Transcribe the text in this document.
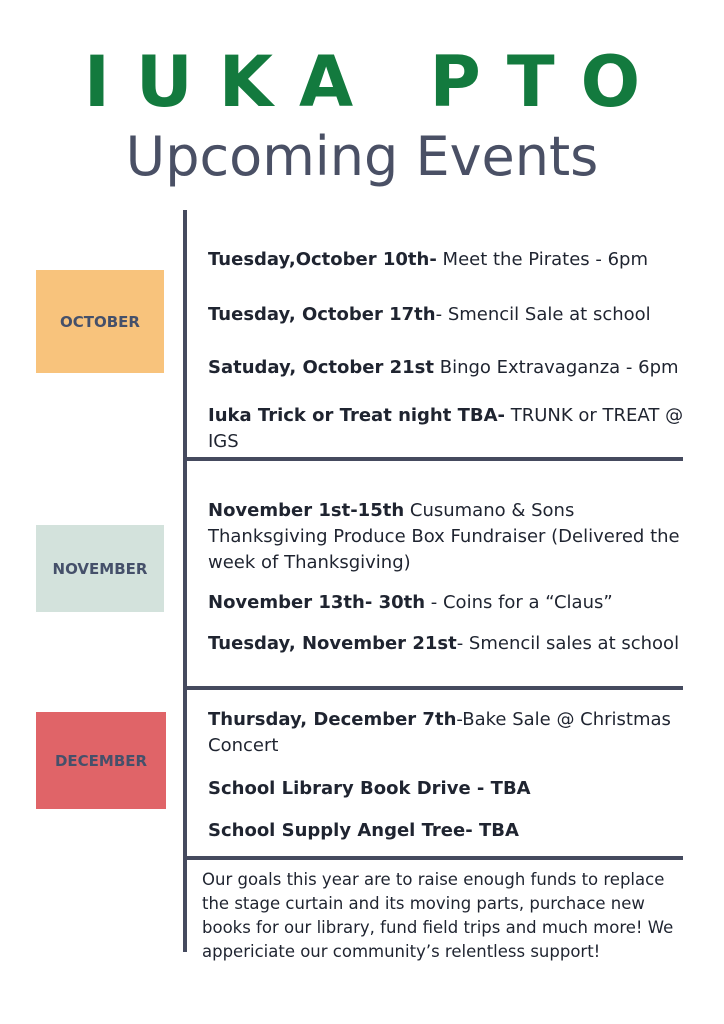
IUKA PTO
Upcoming Events
OCTOBER
NOVEMBER
DECEMBER
Tuesday,October 10th- Meet the Pirates - 6pm
Tuesday, October 17th- Smencil Sale at school
Satuday, October 21st Bingo Extravaganza - 6pm
Iuka Trick or Treat night TBA- TRUNK or TREAT @ IGS
November 1st-15th Cusumano & Sons Thanksgiving Produce Box Fundraiser (Delivered the week of Thanksgiving)
November 13th- 30th - Coins for a “Claus”
Tuesday, November 21st- Smencil sales at school
Thursday, December 7th-Bake Sale @ Christmas Concert
School Library Book Drive - TBA
School Supply Angel Tree- TBA
Our goals this year are to raise enough funds to replace the stage curtain and its moving parts, purchace new books for our library, fund field trips and much more! We appericiate our community’s relentless support!
